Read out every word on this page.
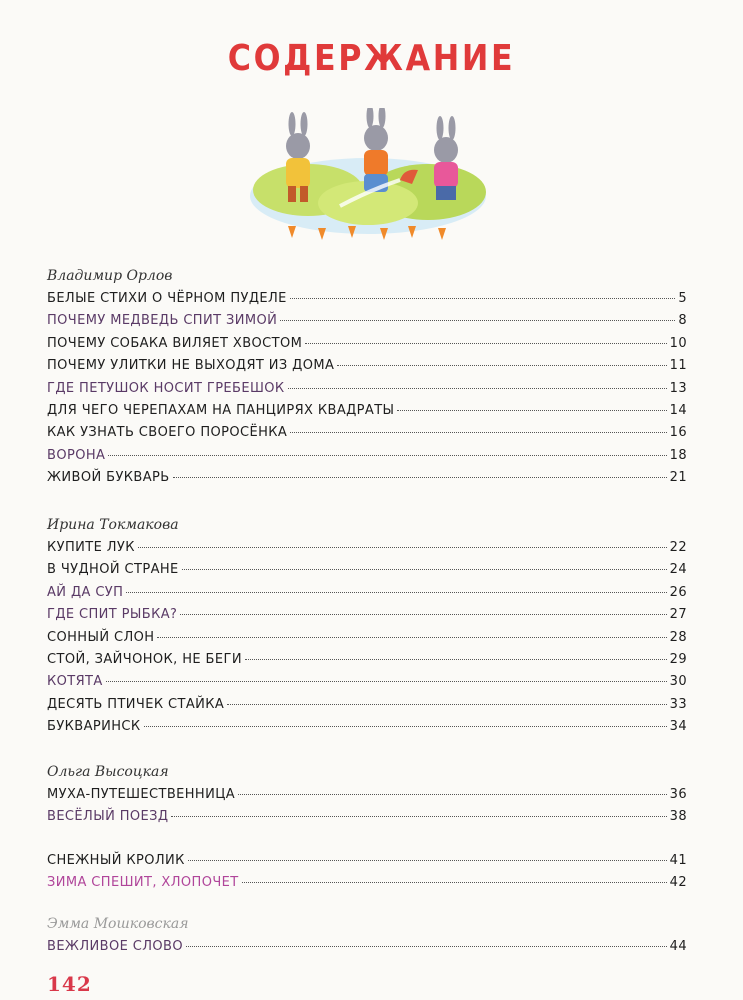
СОДЕРЖАНИЕ
Владимир Орлов
БЕЛЫЕ СТИХИ О ЧЁРНОМ ПУДЕЛЕ	5
ПОЧЕМУ МЕДВЕДЬ СПИТ ЗИМОЙ	8
ПОЧЕМУ СОБАКА ВИЛЯЕТ ХВОСТОМ	10
ПОЧЕМУ УЛИТКИ НЕ ВЫХОДЯТ ИЗ ДОМА	11
ГДЕ ПЕТУШОК НОСИТ ГРЕБЕШОК	13
ДЛЯ ЧЕГО ЧЕРЕПАХАМ НА ПАНЦИРЯХ КВАДРАТЫ	14
КАК УЗНАТЬ СВОЕГО ПОРОСЁНКА	16
ВОРОНА	18
ЖИВОЙ БУКВАРЬ	21
Ирина Токмакова
КУПИТЕ ЛУК	22
В ЧУДНОЙ СТРАНЕ	24
АЙ ДА СУП	26
ГДЕ СПИТ РЫБКА?	27
СОННЫЙ СЛОН	28
СТОЙ, ЗАЙЧОНОК, НЕ БЕГИ	29
КОТЯТА	30
ДЕСЯТЬ ПТИЧЕК СТАЙКА	33
БУКВАРИНСК	34
Ольга Высоцкая
МУХА-ПУТЕШЕСТВЕННИЦА	36
ВЕСЁЛЫЙ ПОЕЗД	38
СНЕЖНЫЙ КРОЛИК	41
ЗИМА СПЕШИТ, ХЛОПОЧЕТ	42
Эмма Мошковская
ВЕЖЛИВОЕ СЛОВО	44
142
